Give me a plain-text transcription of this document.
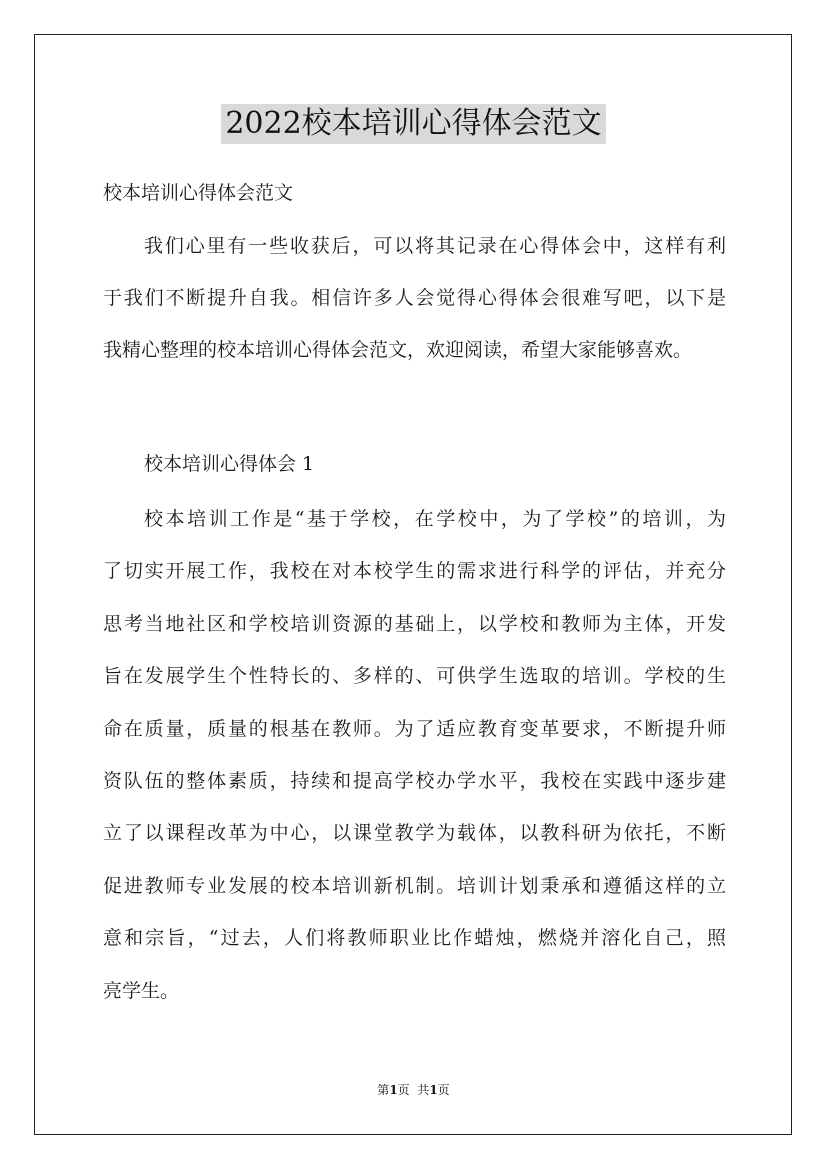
2022校本培训心得体会范文
校本培训心得体会范文
我们心里有一些收获后，可以将其记录在心得体会中，这样有利
于我们不断提升自我。相信许多人会觉得心得体会很难写吧，以下是
我精心整理的校本培训心得体会范文，欢迎阅读，希望大家能够喜欢。
校本培训心得体会 1
校本培训工作是“基于学校，在学校中，为了学校”的培训，为
了切实开展工作，我校在对本校学生的需求进行科学的评估，并充分
思考当地社区和学校培训资源的基础上，以学校和教师为主体，开发
旨在发展学生个性特长的、多样的、可供学生选取的培训。学校的生
命在质量，质量的根基在教师。为了适应教育变革要求，不断提升师
资队伍的整体素质，持续和提高学校办学水平，我校在实践中逐步建
立了以课程改革为中心，以课堂教学为载体，以教科研为依托，不断
促进教师专业发展的校本培训新机制。培训计划秉承和遵循这样的立
意和宗旨，“过去，人们将教师职业比作蜡烛，燃烧并溶化自己，照
亮学生。
第1页  共1页
